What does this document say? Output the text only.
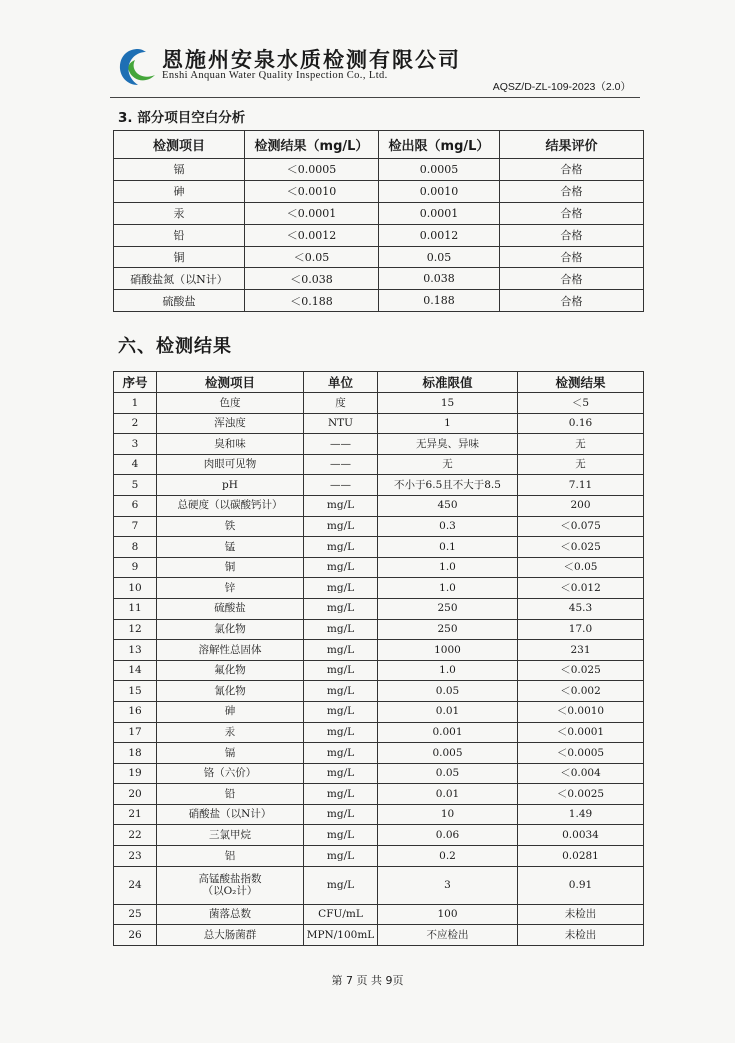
恩施州安泉水质检测有限公司
Enshi Anquan Water Quality Inspection Co., Ltd.
AQSZ/D-ZL-109-2023（2.0）
3. 部分项目空白分析
检测项目	检测结果（mg/L）	检出限（mg/L）	结果评价
镉	＜0.0005	0.0005	合格
砷	＜0.0010	0.0010	合格
汞	＜0.0001	0.0001	合格
铅	＜0.0012	0.0012	合格
铜	＜0.05	0.05	合格
硝酸盐氮（以N计）	＜0.038	0.038	合格
硫酸盐	＜0.188	0.188	合格
六、检测结果
序号	检测项目	单位	标准限值	检测结果
1	色度	度	15	＜5
2	浑浊度	NTU	1	0.16
3	臭和味	——	无异臭、异味	无
4	肉眼可见物	——	无	无
5	pH	——	不小于6.5且不大于8.5	7.11
6	总硬度（以碳酸钙计）	mg/L	450	200
7	铁	mg/L	0.3	＜0.075
8	锰	mg/L	0.1	＜0.025
9	铜	mg/L	1.0	＜0.05
10	锌	mg/L	1.0	＜0.012
11	硫酸盐	mg/L	250	45.3
12	氯化物	mg/L	250	17.0
13	溶解性总固体	mg/L	1000	231
14	氟化物	mg/L	1.0	＜0.025
15	氰化物	mg/L	0.05	＜0.002
16	砷	mg/L	0.01	＜0.0010
17	汞	mg/L	0.001	＜0.0001
18	镉	mg/L	0.005	＜0.0005
19	铬（六价）	mg/L	0.05	＜0.004
20	铅	mg/L	0.01	＜0.0025
21	硝酸盐（以N计）	mg/L	10	1.49
22	三氯甲烷	mg/L	0.06	0.0034
23	铝	mg/L	0.2	0.0281
24	高锰酸盐指数
（以O₂计）	mg/L	3	0.91
25	菌落总数	CFU/mL	100	未检出
26	总大肠菌群	MPN/100mL	不应检出	未检出
第 7 页 共 9页
